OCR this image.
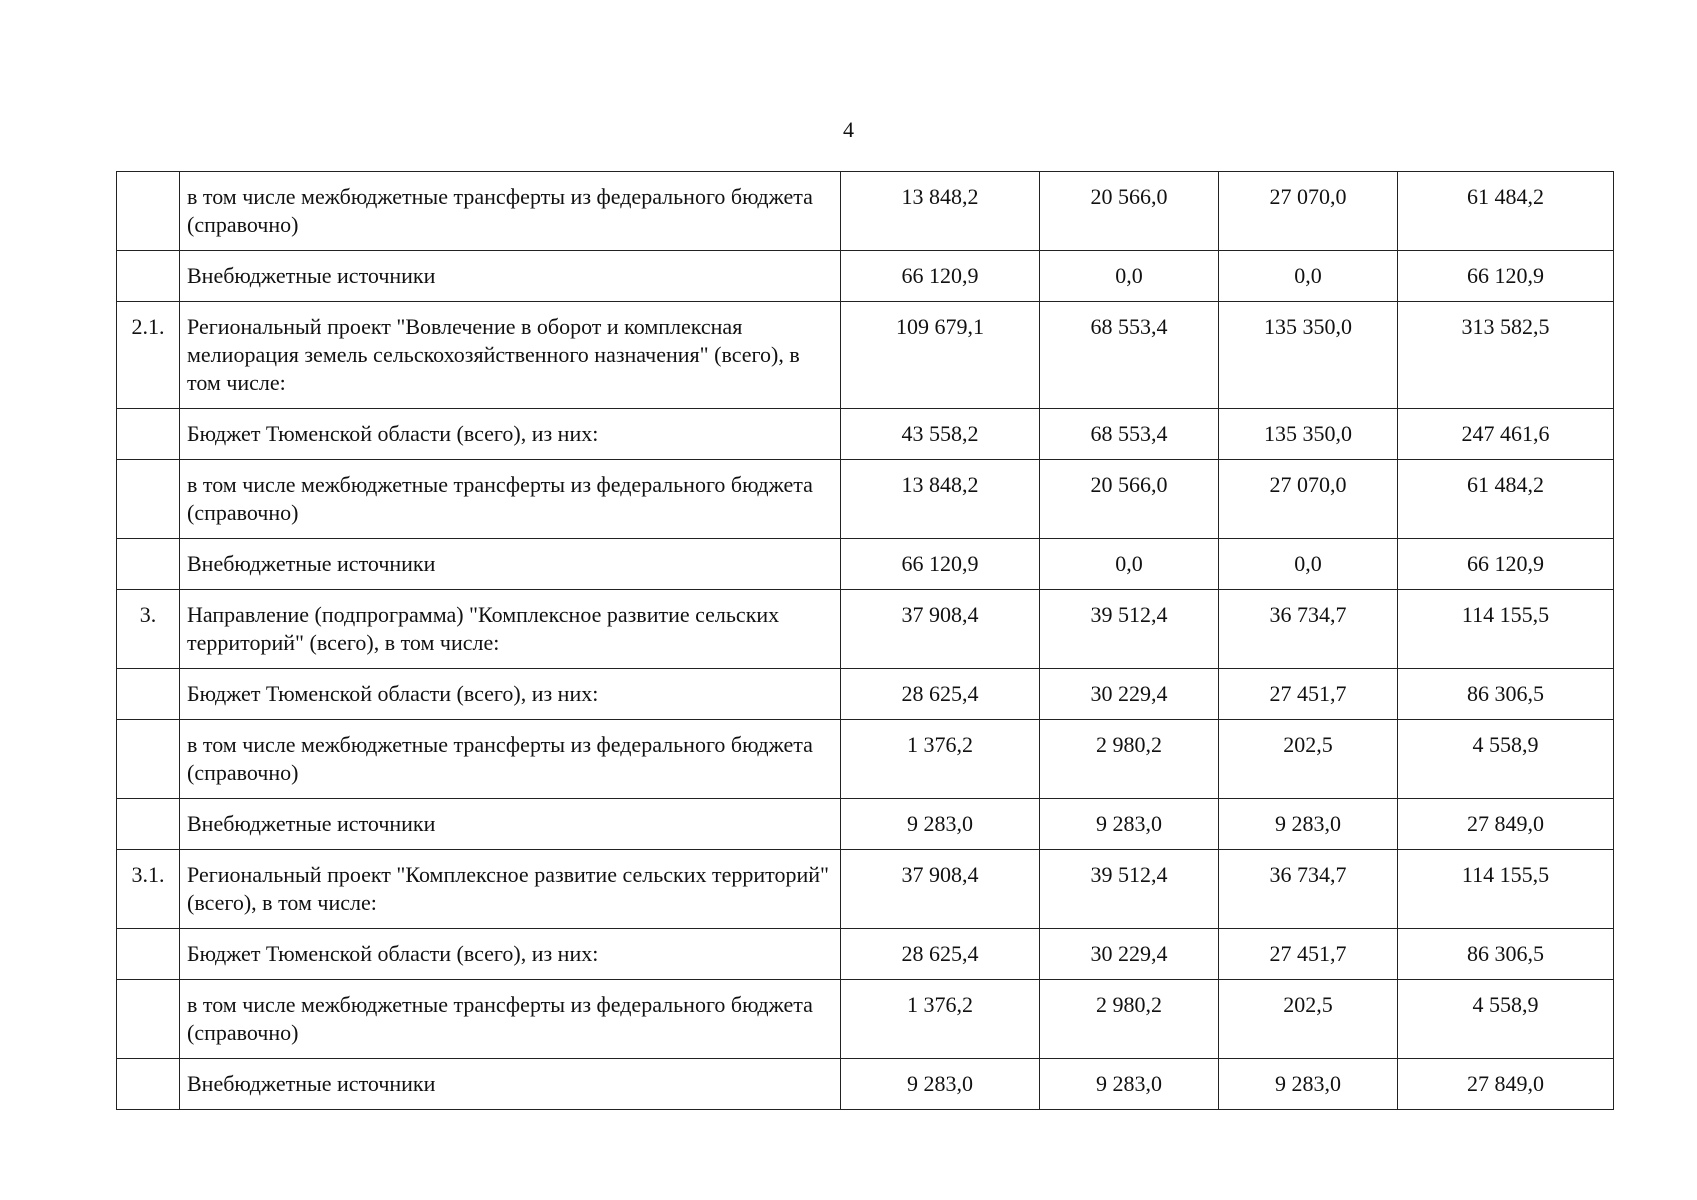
4
	в том числе межбюджетные трансферты из федерального бюджета (справочно)	13 848,2	20 566,0	27 070,0	61 484,2
	Внебюджетные источники	66 120,9	0,0	0,0	66 120,9
2.1.	Региональный проект "Вовлечение в оборот и комплексная мелиорация земель сельскохозяйственного назначения" (всего), в том числе:	109 679,1	68 553,4	135 350,0	313 582,5
	Бюджет Тюменской области (всего), из них:	43 558,2	68 553,4	135 350,0	247 461,6
	в том числе межбюджетные трансферты из федерального бюджета (справочно)	13 848,2	20 566,0	27 070,0	61 484,2
	Внебюджетные источники	66 120,9	0,0	0,0	66 120,9
3.	Направление (подпрограмма) "Комплексное развитие сельских территорий" (всего), в том числе:	37 908,4	39 512,4	36 734,7	114 155,5
	Бюджет Тюменской области (всего), из них:	28 625,4	30 229,4	27 451,7	86 306,5
	в том числе межбюджетные трансферты из федерального бюджета (справочно)	1 376,2	2 980,2	202,5	4 558,9
	Внебюджетные источники	9 283,0	9 283,0	9 283,0	27 849,0
3.1.	Региональный проект "Комплексное развитие сельских территорий" (всего), в том числе:	37 908,4	39 512,4	36 734,7	114 155,5
	Бюджет Тюменской области (всего), из них:	28 625,4	30 229,4	27 451,7	86 306,5
	в том числе межбюджетные трансферты из федерального бюджета (справочно)	1 376,2	2 980,2	202,5	4 558,9
	Внебюджетные источники	9 283,0	9 283,0	9 283,0	27 849,0
